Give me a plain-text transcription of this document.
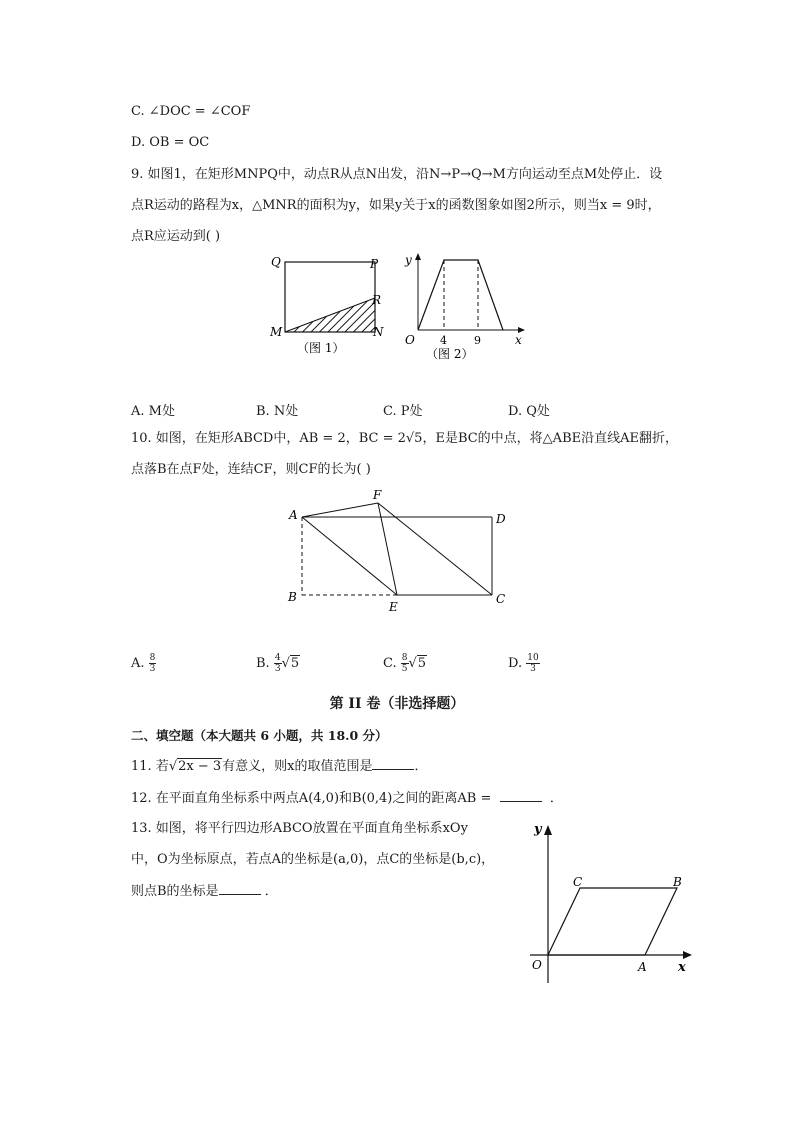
C. ∠DOC = ∠COF
D. OB = OC
9. 如图1，在矩形MNPQ中，动点R从点N出发，沿N→P→Q→M方向运动至点M处停止．设
点R运动的路程为x，△MNR的面积为y，如果y关于x的函数图象如图2所示，则当x = 9时，
点R应运动到( )
Q	P
R
M	N
（图 1）
y
x
O 4 9
（图 2）
A. M处	B. N处	C. P处	D. Q处
10. 如图，在矩形ABCD中，AB = 2，BC = 2√5，E是BC的中点，将△ABE沿直线AE翻折，
点落B在点F处，连结CF，则CF的长为( )
F
A	D
B
E
C
A. $\frac{8}{3}$	B. $\frac{4}{3} √5$	C. $\frac{8}{5} √5$	D. $\frac{10}{3}$
第 II 卷（非选择题）
二、填空题（本大题共 6 小题，共 18.0 分）
11. 若√2x − 3有意义，则x的取值范围是	．
12. 在平面直角坐标系中两点A(4,0)和B(0,4)之间的距离AB =	．
13. 如图，将平行四边形ABCO放置在平面直角坐标系xOy
中，O为坐标原点，若点A的坐标是(a,0)，点C的坐标是(b,c)，
则点B的坐标是	．
y
x
O	A
B
C
